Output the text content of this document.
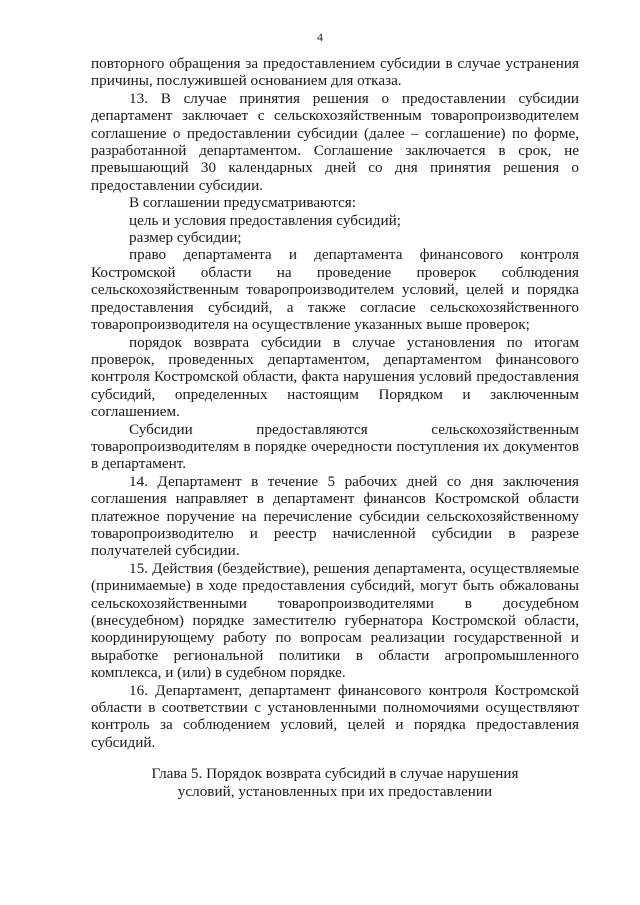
4

повторного обращения за предоставлением субсидии в случае устранения причины, послужившей основанием для отказа.

13. В случае принятия решения о предоставлении субсидии департамент заключает с сельскохозяйственным товаропроизводителем соглашение о предоставлении субсидии (далее – соглашение) по форме, разработанной департаментом. Соглашение заключается в срок, не превышающий 30 календарных дней со дня принятия решения о предоставлении субсидии.

В соглашении предусматриваются:

цель и условия предоставления субсидий;

размер субсидии;

право департамента и департамента финансового контроля Костромской области на проведение проверок соблюдения сельскохозяйственным товаропроизводителем условий, целей и порядка предоставления субсидий, а также согласие сельскохозяйственного товаропроизводителя на осуществление указанных выше проверок;

порядок возврата субсидии в случае установления по итогам проверок, проведенных департаментом, департаментом финансового контроля Костромской области, факта нарушения условий предоставления субсидий, определенных настоящим Порядком и заключенным соглашением.

Субсидии предоставляются сельскохозяйственным товаропроизводителям в порядке очередности поступления их документов в департамент.

14. Департамент в течение 5 рабочих дней со дня заключения соглашения направляет в департамент финансов Костромской области платежное поручение на перечисление субсидии сельскохозяйственному товаропроизводителю и реестр начисленной субсидии в разрезе получателей субсидии.

15. Действия (бездействие), решения департамента, осуществляемые (принимаемые) в ходе предоставления субсидий, могут быть обжалованы сельскохозяйственными товаропроизводителями в досудебном (внесудебном) порядке заместителю губернатора Костромской области, координирующему работу по вопросам реализации государственной и выработке региональной политики в области агропромышленного комплекса, и (или) в судебном порядке.

16. Департамент, департамент финансового контроля Костромской области в соответствии с установленными полномочиями осуществляют контроль за соблюдением условий, целей и порядка предоставления субсидий.

Глава 5. Порядок возврата субсидий в случае нарушения
условий, установленных при их предоставлении
